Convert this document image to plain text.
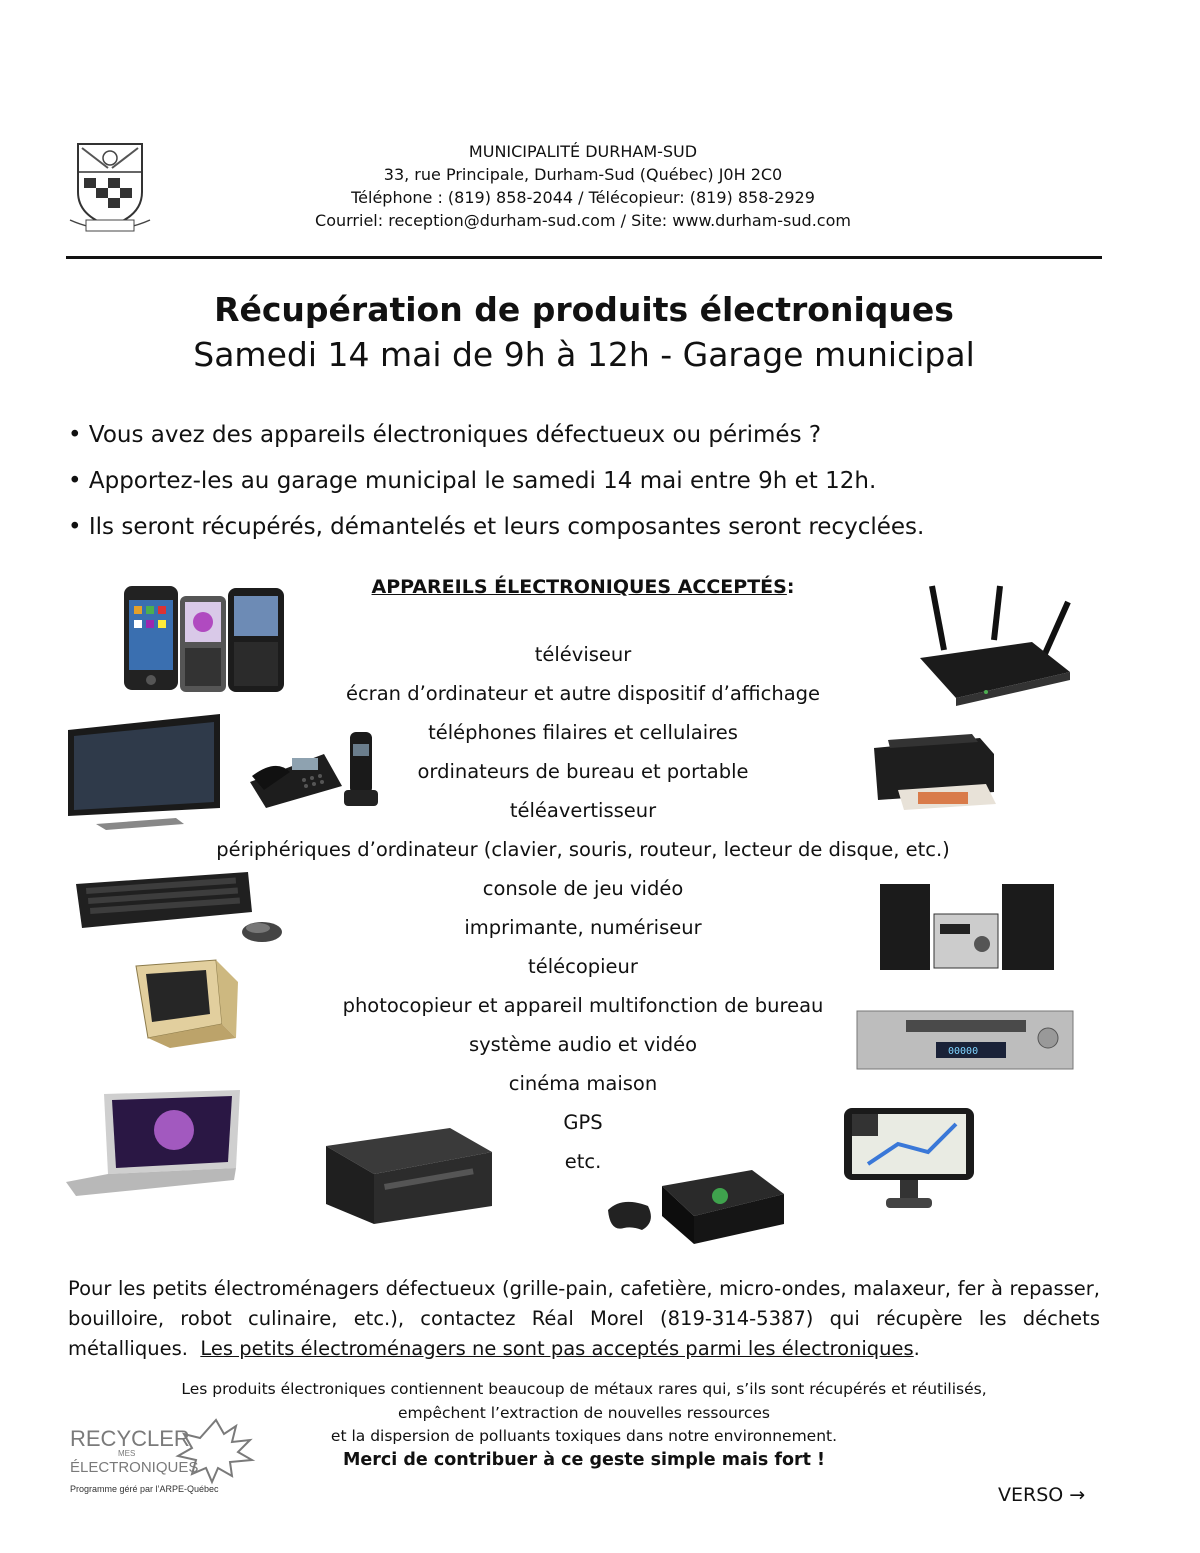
MUNICIPALITÉ DURHAM-SUD
33, rue Principale, Durham-Sud (Québec) J0H 2C0
Téléphone : (819) 858-2044 / Télécopieur: (819) 858-2929
Courriel: reception@durham-sud.com / Site: www.durham-sud.com
Récupération de produits électroniques
Samedi 14 mai de 9h à 12h - Garage municipal
• Vous avez des appareils électroniques défectueux ou périmés ?
• Apportez-les au garage municipal le samedi 14 mai entre 9h et 12h.
• Ils seront récupérés, démantelés et leurs composantes seront recyclées.
APPAREILS ÉLECTRONIQUES ACCEPTÉS:
téléviseur
écran d’ordinateur et autre dispositif d’affichage
téléphones filaires et cellulaires
ordinateurs de bureau et portable
téléavertisseur
périphériques d’ordinateur (clavier, souris, routeur, lecteur de disque, etc.)
console de jeu vidéo
imprimante, numériseur
télécopieur
photocopieur et appareil multifonction de bureau
système audio et vidéo
cinéma maison
GPS
etc.
00000
Pour les petits électroménagers défectueux (grille-pain, cafetière, micro-ondes, malaxeur, fer à repasser, bouilloire, robot culinaire, etc.), contactez Réal Morel (819-314-5387) qui récupère les déchets métalliques. Les petits électroménagers ne sont pas acceptés parmi les électroniques.
Les produits électroniques contiennent beaucoup de métaux rares qui, s’ils sont récupérés et réutilisés,
empêchent l’extraction de nouvelles ressources
et la dispersion de polluants toxiques dans notre environnement.
Merci de contribuer à ce geste simple mais fort !
RECYCLER
MES
ÉLECTRONIQUES
Programme géré par l’ARPE-Québec	VERSO →
